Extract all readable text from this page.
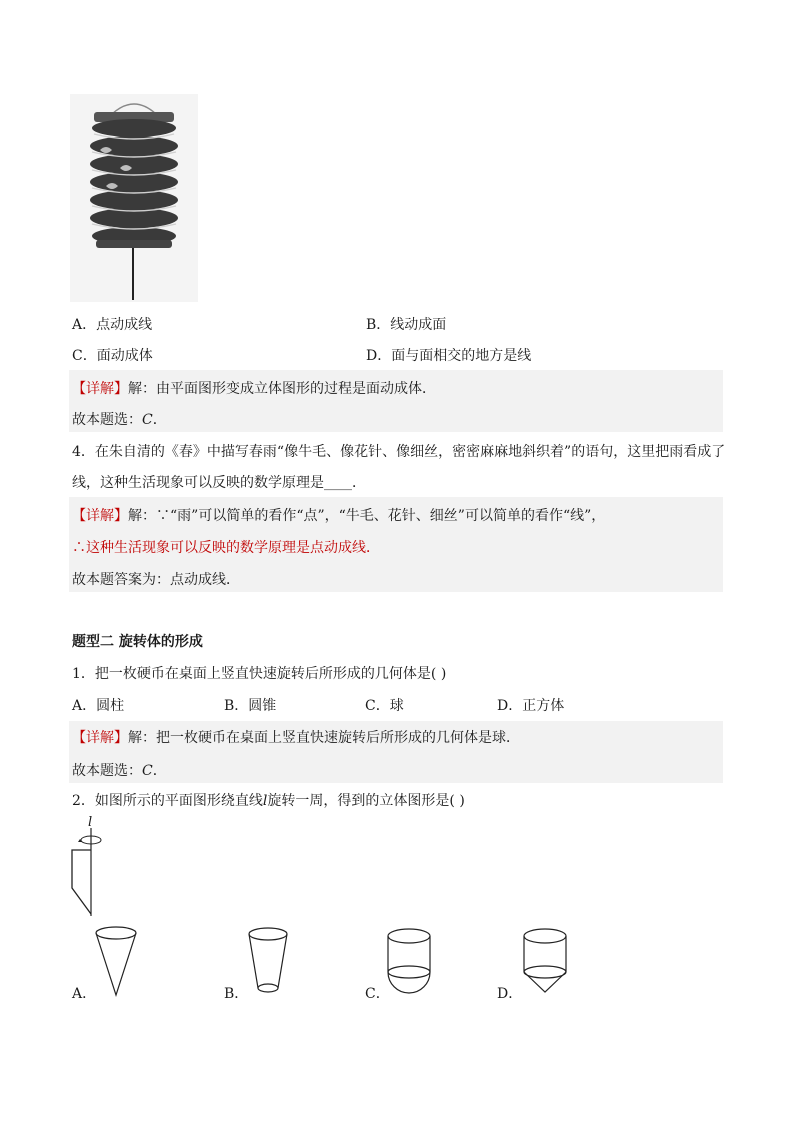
A．点动成线	B．线动成面
C．面动成体	D．面与面相交的地方是线
【详解】解：由平面图形变成立体图形的过程是面动成体．
故本题选：C．
4．在朱自清的《春》中描写春雨“像牛毛、像花针、像细丝，密密麻麻地斜织着”的语句，这里把雨看成了
线，这种生活现象可以反映的数学原理是____．
【详解】解：∵“雨”可以简单的看作“点”，“牛毛、花针、细丝”可以简单的看作“线”，
∴这种生活现象可以反映的数学原理是点动成线．
故本题答案为：点动成线．
题型二 旋转体的形成
1．把一枚硬币在桌面上竖直快速旋转后所形成的几何体是( )
A．圆柱	B．圆锥	C．球	D．正方体
【详解】解：把一枚硬币在桌面上竖直快速旋转后所形成的几何体是球．
故本题选：C．
2．如图所示的平面图形绕直线l旋转一周，得到的立体图形是( )
l
A．	B．	C．	D．
